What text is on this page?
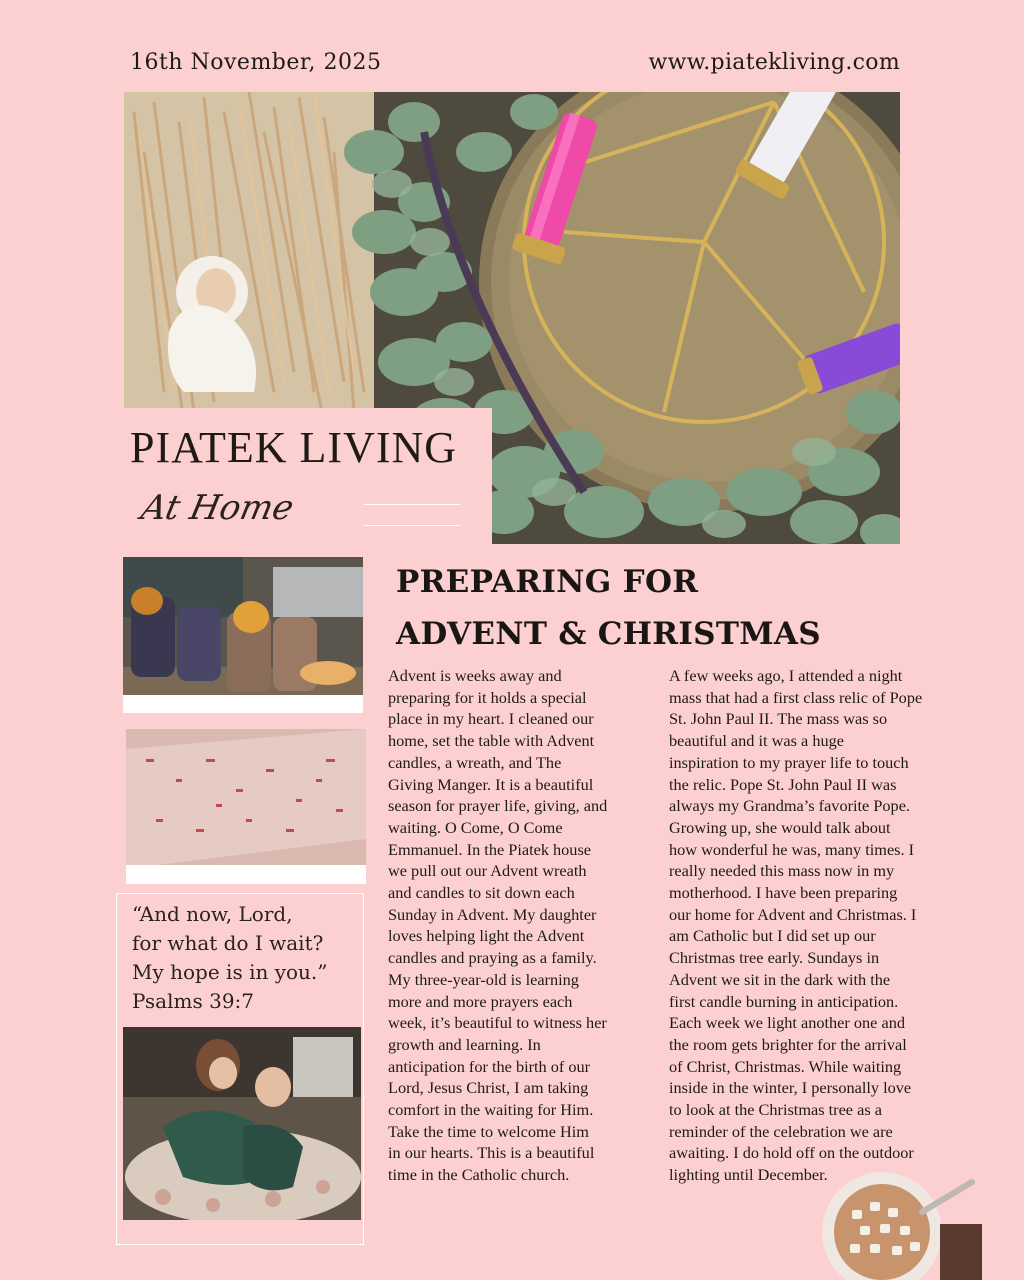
16th November, 2025	www.piatekliving.com
PIATEK LIVING
At Home
“And now, Lord,
for what do I wait?
My hope is in you.”
Psalms 39:7
PREPARING FOR
ADVENT & CHRISTMAS
Advent is weeks away and
preparing for it holds a special
place in my heart. I cleaned our
home, set the table with Advent
candles, a wreath, and The
Giving Manger. It is a beautiful
season for prayer life, giving, and
waiting. O Come, O Come
Emmanuel. In the Piatek house
we pull out our Advent wreath
and candles to sit down each
Sunday in Advent. My daughter
loves helping light the Advent
candles and praying as a family.
My three-year-old is learning
more and more prayers each
week, it’s beautiful to witness her
growth and learning. In
anticipation for the birth of our
Lord, Jesus Christ, I am taking
comfort in the waiting for Him.
Take the time to welcome Him
in our hearts. This is a beautiful
time in the Catholic church.
A few weeks ago, I attended a night
mass that had a first class relic of Pope
St. John Paul II. The mass was so
beautiful and it was a huge
inspiration to my prayer life to touch
the relic. Pope St. John Paul II was
always my Grandma’s favorite Pope.
Growing up, she would talk about
how wonderful he was, many times. I
really needed this mass now in my
motherhood. I have been preparing
our home for Advent and Christmas. I
am Catholic but I did set up our
Christmas tree early. Sundays in
Advent we sit in the dark with the
first candle burning in anticipation.
Each week we light another one and
the room gets brighter for the arrival
of Christ, Christmas. While waiting
inside in the winter, I personally love
to look at the Christmas tree as a
reminder of the celebration we are
awaiting. I do hold off on the outdoor
lighting until December.
